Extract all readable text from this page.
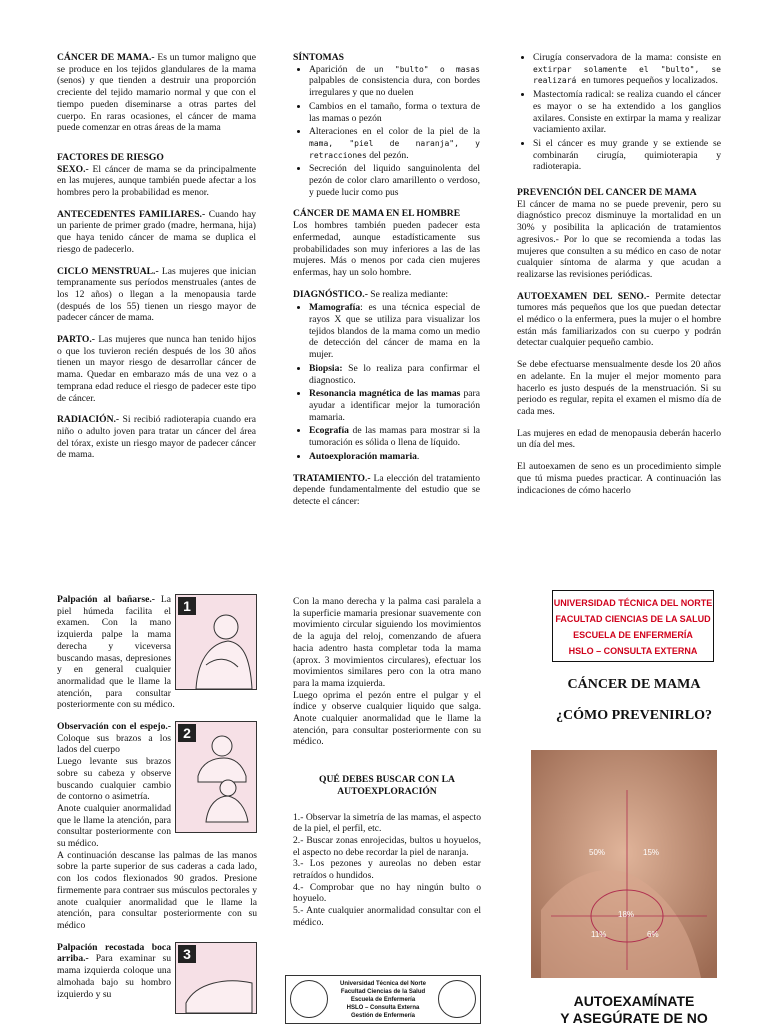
CÁNCER DE MAMA.- Es un tumor maligno que se produce en los tejidos glandulares de la mama (senos) y que tienden a destruir una proporción creciente del tejido mamario normal y que con el tiempo pueden diseminarse a otras partes del cuerpo. En raras ocasiones, el cáncer de mama puede comenzar en otras áreas de la mama

FACTORES DE RIESGO
SEXO.- El cáncer de mama se da principalmente en las mujeres, aunque también puede afectar a los hombres pero la probabilidad es menor.

ANTECEDENTES FAMILIARES.- Cuando hay un pariente de primer grado (madre, hermana, hija) que haya tenido cáncer de mama se duplica el riesgo de padecerlo.

CICLO MENSTRUAL.- Las mujeres que inician tempranamente sus períodos menstruales (antes de los 12 años) o llegan a la menopausia tarde (después de los 55) tienen un riesgo mayor de padecer cáncer de mama.

PARTO.- Las mujeres que nunca han tenido hijos o que los tuvieron recién después de los 30 años tienen un mayor riesgo de desarrollar cáncer de mama. Quedar en embarazo más de una vez o a temprana edad reduce el riesgo de padecer este tipo de cáncer.

RADIACIÓN.- Si recibió radioterapia cuando era niño o adulto joven para tratar un cáncer del área del tórax, existe un riesgo mayor de padecer cáncer de mama.

SÍNTOMAS
• Aparición de un "bulto" o masas palpables de consistencia dura, con bordes irregulares y que no duelen
• Cambios en el tamaño, forma o textura de las mamas o pezón
• Alteraciones en el color de la piel de la mama, "piel de naranja", y retracciones del pezón.
• Secreción del liquido sanguinolenta del pezón de color claro amarillento o verdoso, y puede lucir como pus

CÁNCER DE MAMA EN EL HOMBRE
Los hombres también pueden padecer esta enfermedad, aunque estadísticamente sus probabilidades son muy inferiores a las de las mujeres. Más o menos por cada cien mujeres enfermas, hay un solo hombre.

DIAGNÓSTICO.- Se realiza mediante:

• Mamografía: es una técnica especial de rayos X que se utiliza para visualizar los tejidos blandos de la mama como un medio de detección del cáncer de mama en la mujer.
• Biopsia: Se lo realiza para confirmar el diagnostico.
• Resonancia magnética de las mamas para ayudar a identificar mejor la tumoración mamaria.
• Ecografía de las mamas para mostrar si la tumoración es sólida o llena de líquido.
• Autoexploración mamaria.

TRATAMIENTO.- La elección del tratamiento depende fundamentalmente del estudio que se detecte el cáncer:

• Cirugía conservadora de la mama: consiste en extirpar solamente el "bulto", se realizará en tumores pequeños y localizados.
• Mastectomía radical: se realiza cuando el cáncer es mayor o se ha extendido a los ganglios axilares. Consiste en extirpar la mama y realizar vaciamiento axilar.
• Si el cáncer es muy grande y se extiende se combinarán cirugía, quimioterapia y radioterapia.

PREVENCIÓN DEL CANCER DE MAMA
El cáncer de mama no se puede prevenir, pero su diagnóstico precoz disminuye la mortalidad en un 30% y posibilita la aplicación de tratamientos agresivos.- Por lo que se recomienda a todas las mujeres que consulten a su médico en caso de notar cualquier síntoma de alarma y que acudan a realizarse las revisiones periódicas.

AUTOEXAMEN DEL SENO.- Permite detectar tumores más pequeños que los que puedan detectar el médico o la enfermera, pues la mujer o el hombre están más familiarizados con su cuerpo y podrán detectar cualquier pequeño cambio.

Se debe efectuarse mensualmente desde los 20 años en adelante. En la mujer el mejor momento para hacerlo es justo después de la menstruación. Si su periodo es regular, repita el examen el mismo día de cada mes.

Las mujeres en edad de menopausia deberán hacerlo un día del mes.

El autoexamen de seno es un procedimiento simple que tú misma puedes practicar. A continuación las indicaciones de cómo hacerlo

1

Palpación al bañarse.- La piel húmeda facilita el examen. Con la mano izquierda palpe la mama derecha y viceversa buscando masas, depresiones y en general cualquier anormalidad que le llame la atención, para consultar posteriormente con su médico.

2

Observación con el espejo.- Coloque sus brazos a los lados del cuerpo

Luego levante sus brazos sobre su cabeza y observe buscando cualquier cambio de contorno o asimetría.

Anote cualquier anormalidad que le llame la atención, para consultar posteriormente con su médico.

A continuación descanse las palmas de las manos sobre la parte superior de sus caderas a cada lado, con los codos flexionados 90 grados. Presione firmemente para contraer sus músculos pectorales y anote cualquier anormalidad que le llame la atención, para consultar posteriormente con su médico

3

Palpación recostada boca arriba.- Para examinar su mama izquierda coloque una almohada bajo su hombro izquierdo y su

Con la mano derecha y la palma casi paralela a la superficie mamaria presionar suavemente con movimiento circular siguiendo los movimientos de la aguja del reloj, comenzando de afuera hacia adentro hasta completar toda la mama (aprox. 3 movimientos circulares), efectuar los movimientos similares pero con la otra mano para la mama izquierda.

Luego oprima el pezón entre el pulgar y el índice y observe cualquier liquido que salga. Anote cualquier anormalidad que le llame la atención, para consultar posteriormente con su médico.

QUÉ DEBES BUSCAR CON LA AUTOEXPLORACIÓN

1.- Observar la simetría de las mamas, el aspecto de la piel, el perfil, etc.

2.- Buscar zonas enrojecidas, bultos u hoyuelos, el aspecto no debe recordar la piel de naranja.

3.- Los pezones y aureolas no deben estar retraídos o hundidos.

4.- Comprobar que no hay ningún bulto o hoyuelo.

5.- Ante cualquier anormalidad consultar con el médico.

Universidad Técnica del Norte
Facultad Ciencias de la Salud
Escuela de Enfermería
HSLO – Consulta Externa
Gestión de Enfermería
UNIVERSIDAD TÉCNICA DEL NORTE
FACULTAD CIENCIAS DE LA SALUD
ESCUELA DE ENFERMERÍA
HSLO – CONSULTA EXTERNA
CÁNCER DE MAMA
¿CÓMO PREVENIRLO?
50%	15%
18%
11%	6%
AUTOEXAMÍNATE
Y ASEGÚRATE DE NO
